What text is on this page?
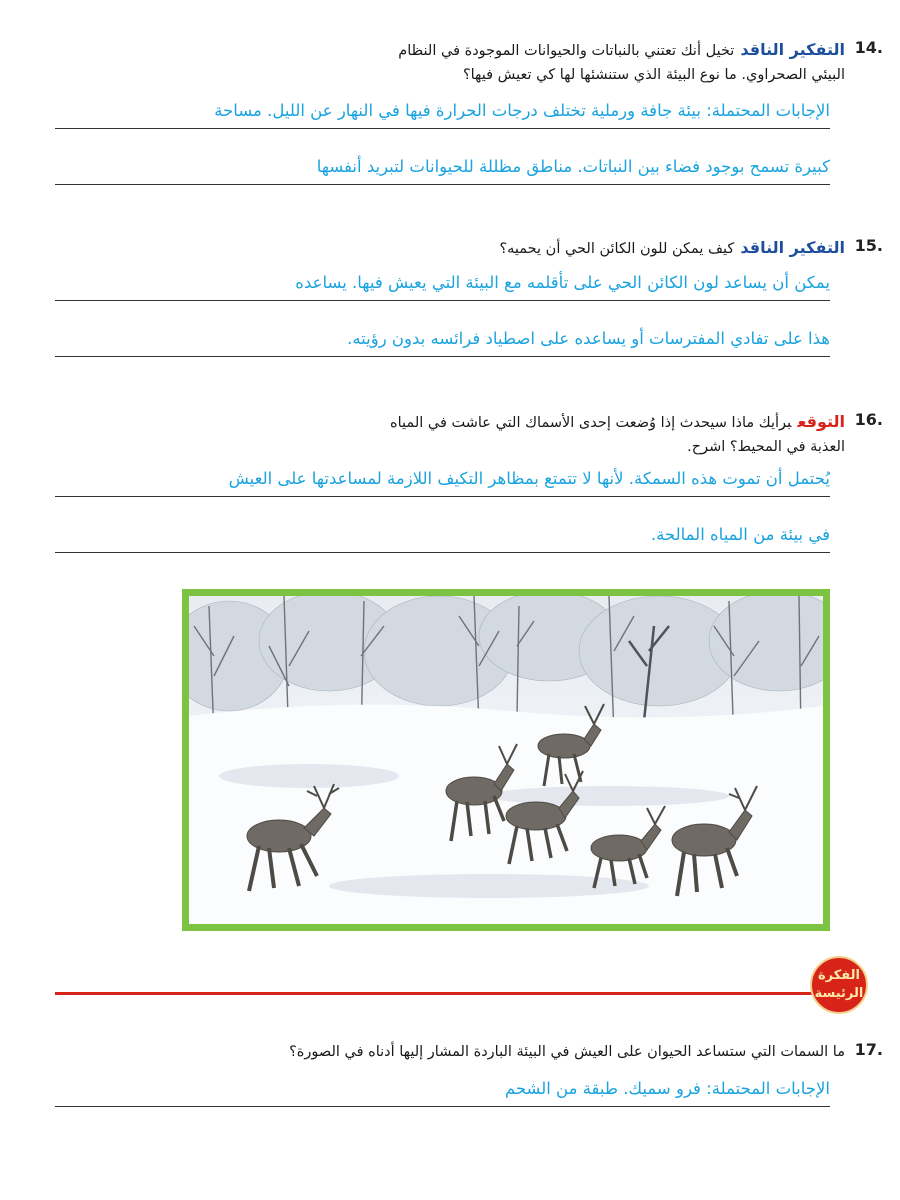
14.

التفكير الناقدتخيل أنك تعتني بالنباتات والحيوانات الموجودة في النظام

البيئي الصحراوي. ما نوع البيئة الذي ستنشئها لها كي تعيش فيها؟

الإجابات المحتملة: بيئة جافة ورملية تختلف درجات الحرارة فيها في النهار عن الليل. مساحة
كبيرة تسمح بوجود فضاء بين النباتات. مناطق مظللة للحيوانات لتبريد أنفسها
15.

التفكير الناقدكيف يمكن للون الكائن الحي أن يحميه؟

يمكن أن يساعد لون الكائن الحي على تأقلمه مع البيئة التي يعيش فيها. يساعده
هذا على تفادي المفترسات أو يساعده على اصطياد فرائسه بدون رؤيته.
16.

التوقعبرأيك ماذا سيحدث إذا وُضعت إحدى الأسماك التي عاشت في المياه

العذبة في المحيط؟ اشرح.

يُحتمل أن تموت هذه السمكة. لأنها لا تتمتع بمظاهر التكيف اللازمة لمساعدتها على العيش
في بيئة من المياه المالحة.
الفكرة
الرئيسة
17.

ما السمات التي ستساعد الحيوان على العيش في البيئة الباردة المشار إليها أدناه في الصورة؟

الإجابات المحتملة: فرو سميك. طبقة من الشحم
